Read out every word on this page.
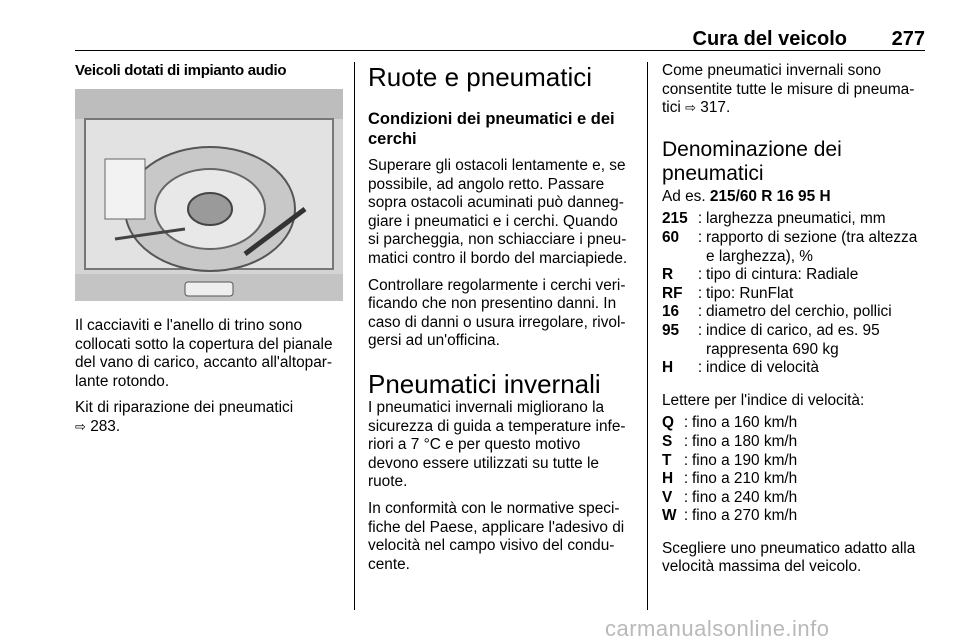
Cura del veicolo 277
Veicoli dotati di impianto audio

Il cacciaviti e l'anello di trino sono collocati sotto la copertura del pianale del vano di carico, accanto all'altoparlante rotondo.

Kit di riparazione dei pneumatici
⇨ 283.

Ruote e pneumatici
Condizioni dei pneumatici e dei cerchi

Superare gli ostacoli lentamente e, se possibile, ad angolo retto. Passare sopra ostacoli acuminati può danneggiare i pneumatici e i cerchi. Quando si parcheggia, non schiacciare i pneumatici contro il bordo del marciapiede.

Controllare regolarmente i cerchi verificando che non presentino danni. In caso di danni o usura irregolare, rivolgersi ad un'officina.

Pneumatici invernali

I pneumatici invernali migliorano la sicurezza di guida a temperature inferiori a 7 °C e per questo motivo devono essere utilizzati su tutte le ruote.

In conformità con le normative specifiche del Paese, applicare l'adesivo di velocità nel campo visivo del conducente.

Come pneumatici invernali sono consentite tutte le misure di pneumatici ⇨ 317.

Denominazione dei pneumatici

Ad es. 215/60 R 16 95 H

215	:	larghezza pneumatici, mm
60	:	rapporto di sezione (tra altezza e larghezza), %
R	:	tipo di cintura: Radiale
RF	:	tipo: RunFlat
16	:	diametro del cerchio, pollici
95	:	indice di carico, ad es. 95 rappresenta 690 kg
H	:	indice di velocità

Lettere per l'indice di velocità:

Q	:	fino a 160 km/h
S	:	fino a 180 km/h
T	:	fino a 190 km/h
H	:	fino a 210 km/h
V	:	fino a 240 km/h
W	:	fino a 270 km/h

Scegliere uno pneumatico adatto alla velocità massima del veicolo.

carmanualsonline.info
